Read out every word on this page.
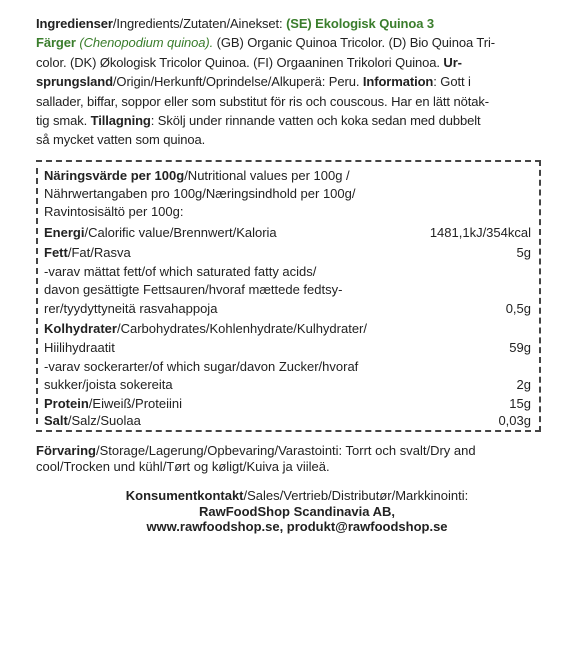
Ingredienser/Ingredients/Zutaten/Ainekset: (SE) Ekologisk Quinoa 3
Färger (Chenopodium quinoa). (GB) Organic Quinoa Tricolor. (D) Bio Quinoa Tri-
color. (DK) Økologisk Tricolor Quinoa. (FI) Orgaaninen Trikolori Quinoa. Ur-
sprungsland/Origin/Herkunft/Oprindelse/Alkuperä: Peru. Information: Gott i
sallader, biffar, soppor eller som substitut för ris och couscous. Har en lätt nötak-
tig smak. Tillagning: Skölj under rinnande vatten och koka sedan med dubbelt
så mycket vatten som quinoa.
Näringsvärde per 100g/Nutritional values per 100g /
Nährwertangaben pro 100g/Næringsindhold per 100g/
Ravintosisältö per 100g:
Energi/Calorific value/Brennwert/Kaloria	1481,1kJ/354kcal
Fett/Fat/Rasva	5g
-varav mättat fett/of which saturated fatty acids/
davon gesättigte Fettsauren/hvoraf mættede fedtsy-
rer/tyydyttyneitä rasvahappoja	0,5g
Kolhydrater/Carbohydrates/Kohlenhydrate/Kulhydrater/
Hiilihydraatit	59g
-varav sockerarter/of which sugar/davon Zucker/hvoraf
sukker/joista sokereita	2g
Protein/Eiweiß/Proteiini	15g
Salt/Salz/Suolaa	0,03g
Förvaring/Storage/Lagerung/Opbevaring/Varastointi: Torrt och svalt/Dry and
cool/Trocken und kühl/Tørt og køligt/Kuiva ja viileä.
Konsumentkontakt/Sales/Vertrieb/Distributør/Markkinointi:
RawFoodShop Scandinavia AB,
www.rawfoodshop.se, produkt@rawfoodshop.se
